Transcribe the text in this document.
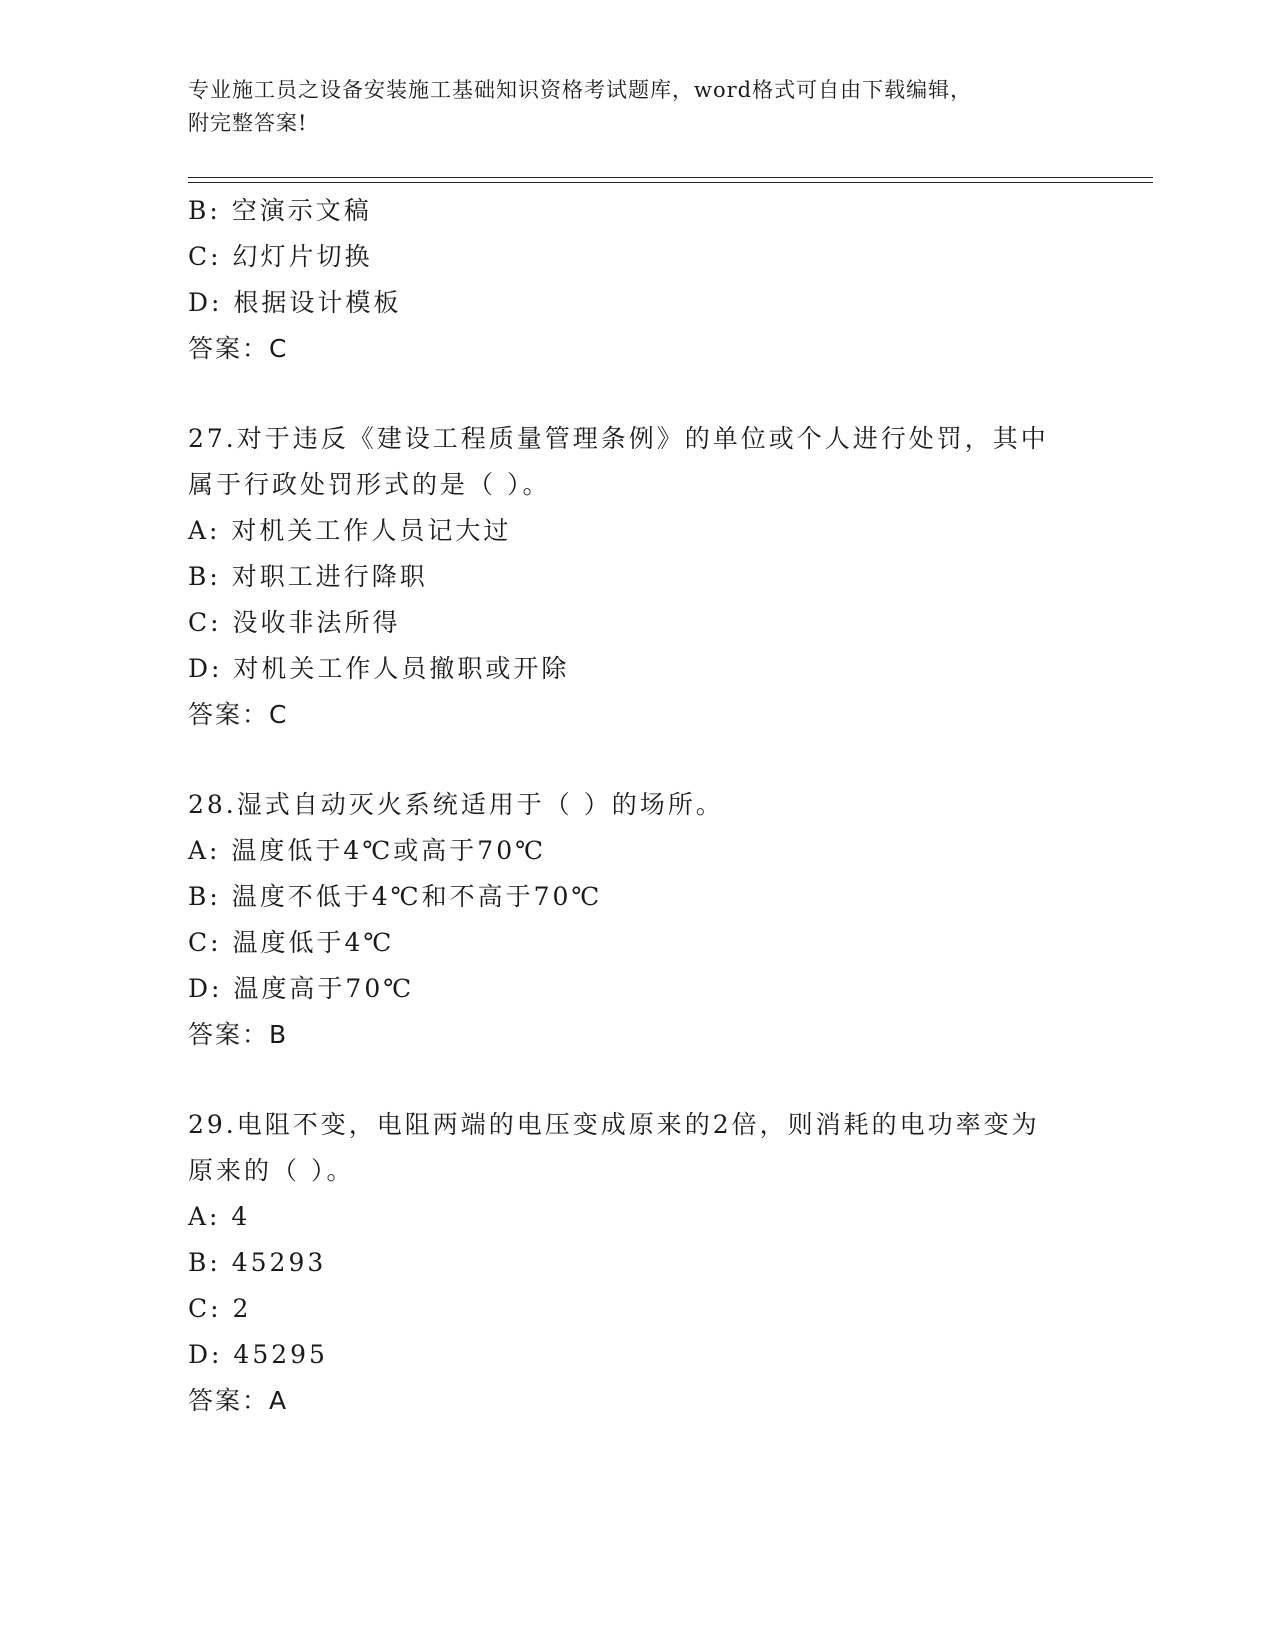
专业施工员之设备安装施工基础知识资格考试题库，word格式可自由下载编辑，
附完整答案!
B: 空演示文稿
C: 幻灯片切换
D: 根据设计模板
答案：C
27.对于违反《建设工程质量管理条例》的单位或个人进行处罚，其中
属于行政处罚形式的是（ ）。
A: 对机关工作人员记大过
B: 对职工进行降职
C: 没收非法所得
D: 对机关工作人员撤职或开除
答案：C
28.湿式自动灭火系统适用于（ ）的场所。
A: 温度低于4℃或高于70℃
B: 温度不低于4℃和不高于70℃
C: 温度低于4℃
D: 温度高于70℃
答案：B
29.电阻不变，电阻两端的电压变成原来的2倍，则消耗的电功率变为
原来的（ ）。
A: 4
B: 45293
C: 2
D: 45295
答案：A
